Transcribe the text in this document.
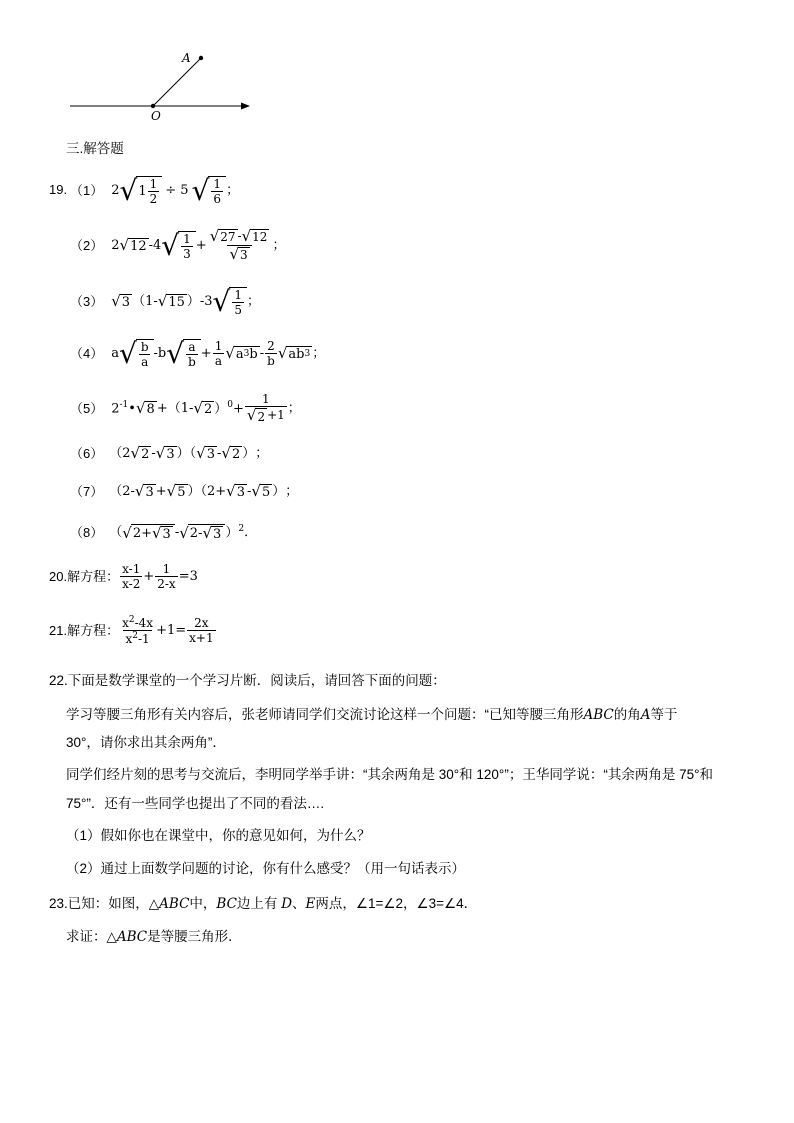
A
O
三.解答题
19. （1） 2 √ $1 \frac{1}{2} \div 5$ √ $\frac{1}{6}$ ；
（2） 2 √ 12 -4 √ $\frac{1}{3} + \frac{√ 27 - √ 12}{√ 3}$ ；
（3） √ 3 （1- √ 15 ）-3 √ $\frac{1}{5}$ ；
（4） a √ $\frac{b}{a} -b$ √ $\frac{a}{b} + \frac{1}{a}$ √ a 3 b - $\frac{2}{b}$ √ ab 3 ；
（5） $2^{-1}•$ √ 8 +（1- √ 2 ）$^0+ \frac{1}{√ 2 +1}$ ；
（6） （2 √ 2 - √ 3 ）（ √ 3 - √ 2 ） ；
（7） （2- √ 3 + √ 5 ）（2+ √ 3 - √ 5 ） ；
（8） （ √ 2+ √ 3 - √ 2- √ 3 ）$^2$ ．
20.解方程： $\frac{x-1}{x-2} + \frac{1}{2-x} =3$
21.解方程： $\frac{x^2-4x}{x^2-1} +1= \frac{2x}{x+1}$
22.下面是数学课堂的一个学习片断．阅读后，请回答下面的问题：
学习等腰三角形有关内容后，张老师请同学们交流讨论这样一个问题：“已知等腰三角形ABC的角A等于
30°，请你求出其余两角”．
同学们经片刻的思考与交流后，李明同学举手讲：“其余两角是 30°和 120°”；王华同学说：“其余两角是 75°和
75°”．还有一些同学也提出了不同的看法….
（1）假如你也在课堂中，你的意见如何，为什么？
（2）通过上面数学问题的讨论，你有什么感受？（用一句话表示）
23.已知：如图，△ABC中，BC边上有 D、E两点，∠1=∠2，∠3=∠4．
求证：△ABC是等腰三角形．
